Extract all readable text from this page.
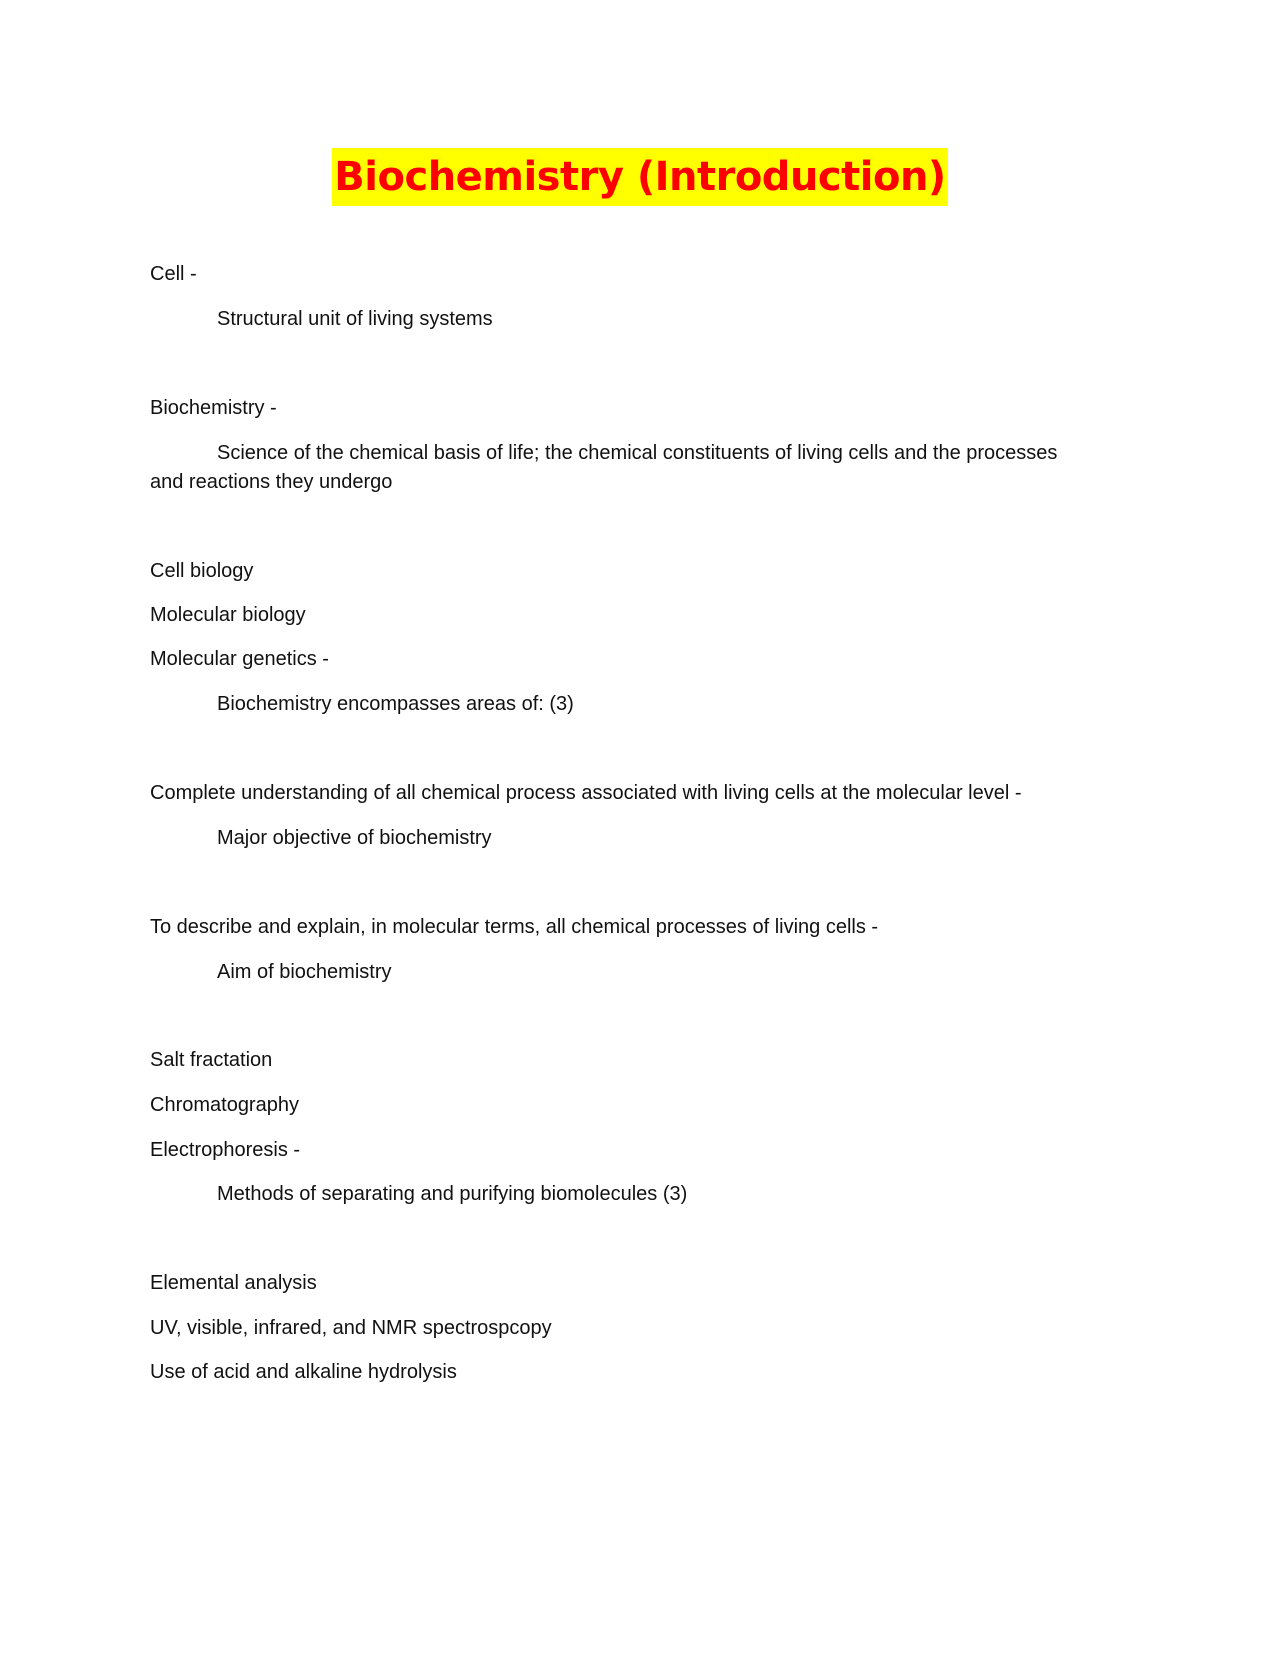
Biochemistry (Introduction)
Cell -
Structural unit of living systems
Biochemistry -
Science of the chemical basis of life; the chemical constituents of living cells and the processes
and reactions they undergo
Cell biology
Molecular biology
Molecular genetics -
Biochemistry encompasses areas of: (3)
Complete understanding of all chemical process associated with living cells at the molecular level -
Major objective of biochemistry
To describe and explain, in molecular terms, all chemical processes of living cells -
Aim of biochemistry
Salt fractation
Chromatography
Electrophoresis -
Methods of separating and purifying biomolecules (3)
Elemental analysis
UV, visible, infrared, and NMR spectrospcopy
Use of acid and alkaline hydrolysis
